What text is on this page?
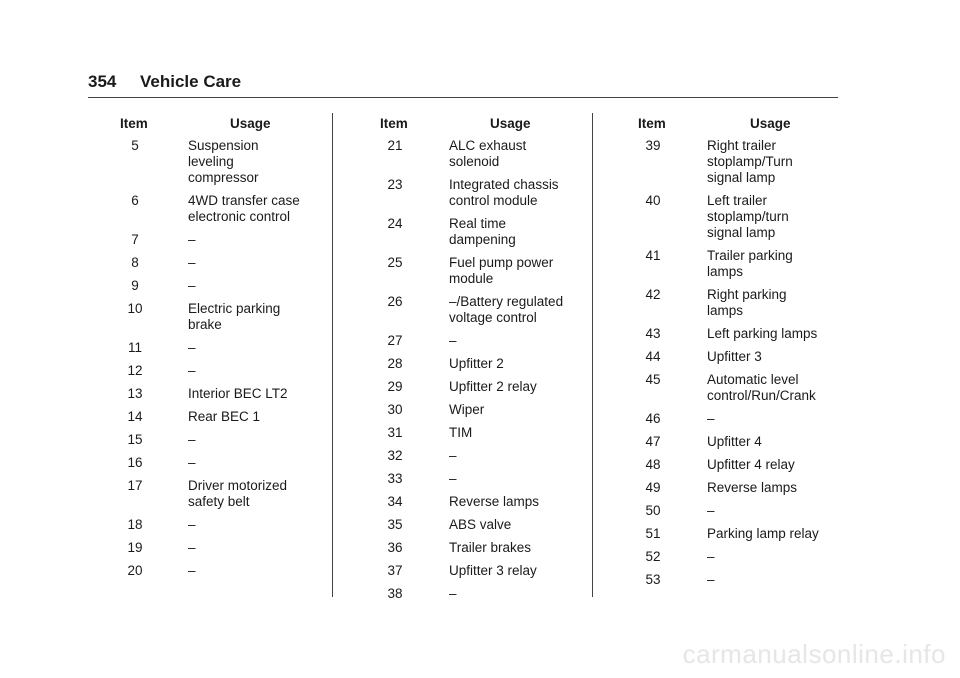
354 Vehicle Care
Item	Usage
5	Suspension
leveling
compressor
6	4WD transfer case
electronic control
7	–
8	–
9	–
10	Electric parking
brake
11	–
12	–
13	Interior BEC LT2
14	Rear BEC 1
15	–
16	–
17	Driver motorized
safety belt
18	–
19	–
20	–
Item	Usage
21	ALC exhaust
solenoid
23	Integrated chassis
control module
24	Real time
dampening
25	Fuel pump power
module
26	–/Battery regulated
voltage control
27	–
28	Upfitter 2
29	Upfitter 2 relay
30	Wiper
31	TIM
32	–
33	–
34	Reverse lamps
35	ABS valve
36	Trailer brakes
37	Upfitter 3 relay
38	–
Item	Usage
39	Right trailer
stoplamp/Turn
signal lamp
40	Left trailer
stoplamp/turn
signal lamp
41	Trailer parking
lamps
42	Right parking
lamps
43	Left parking lamps
44	Upfitter 3
45	Automatic level
control/Run/Crank
46	–
47	Upfitter 4
48	Upfitter 4 relay
49	Reverse lamps
50	–
51	Parking lamp relay
52	–
53	–
carmanualsonline.info
